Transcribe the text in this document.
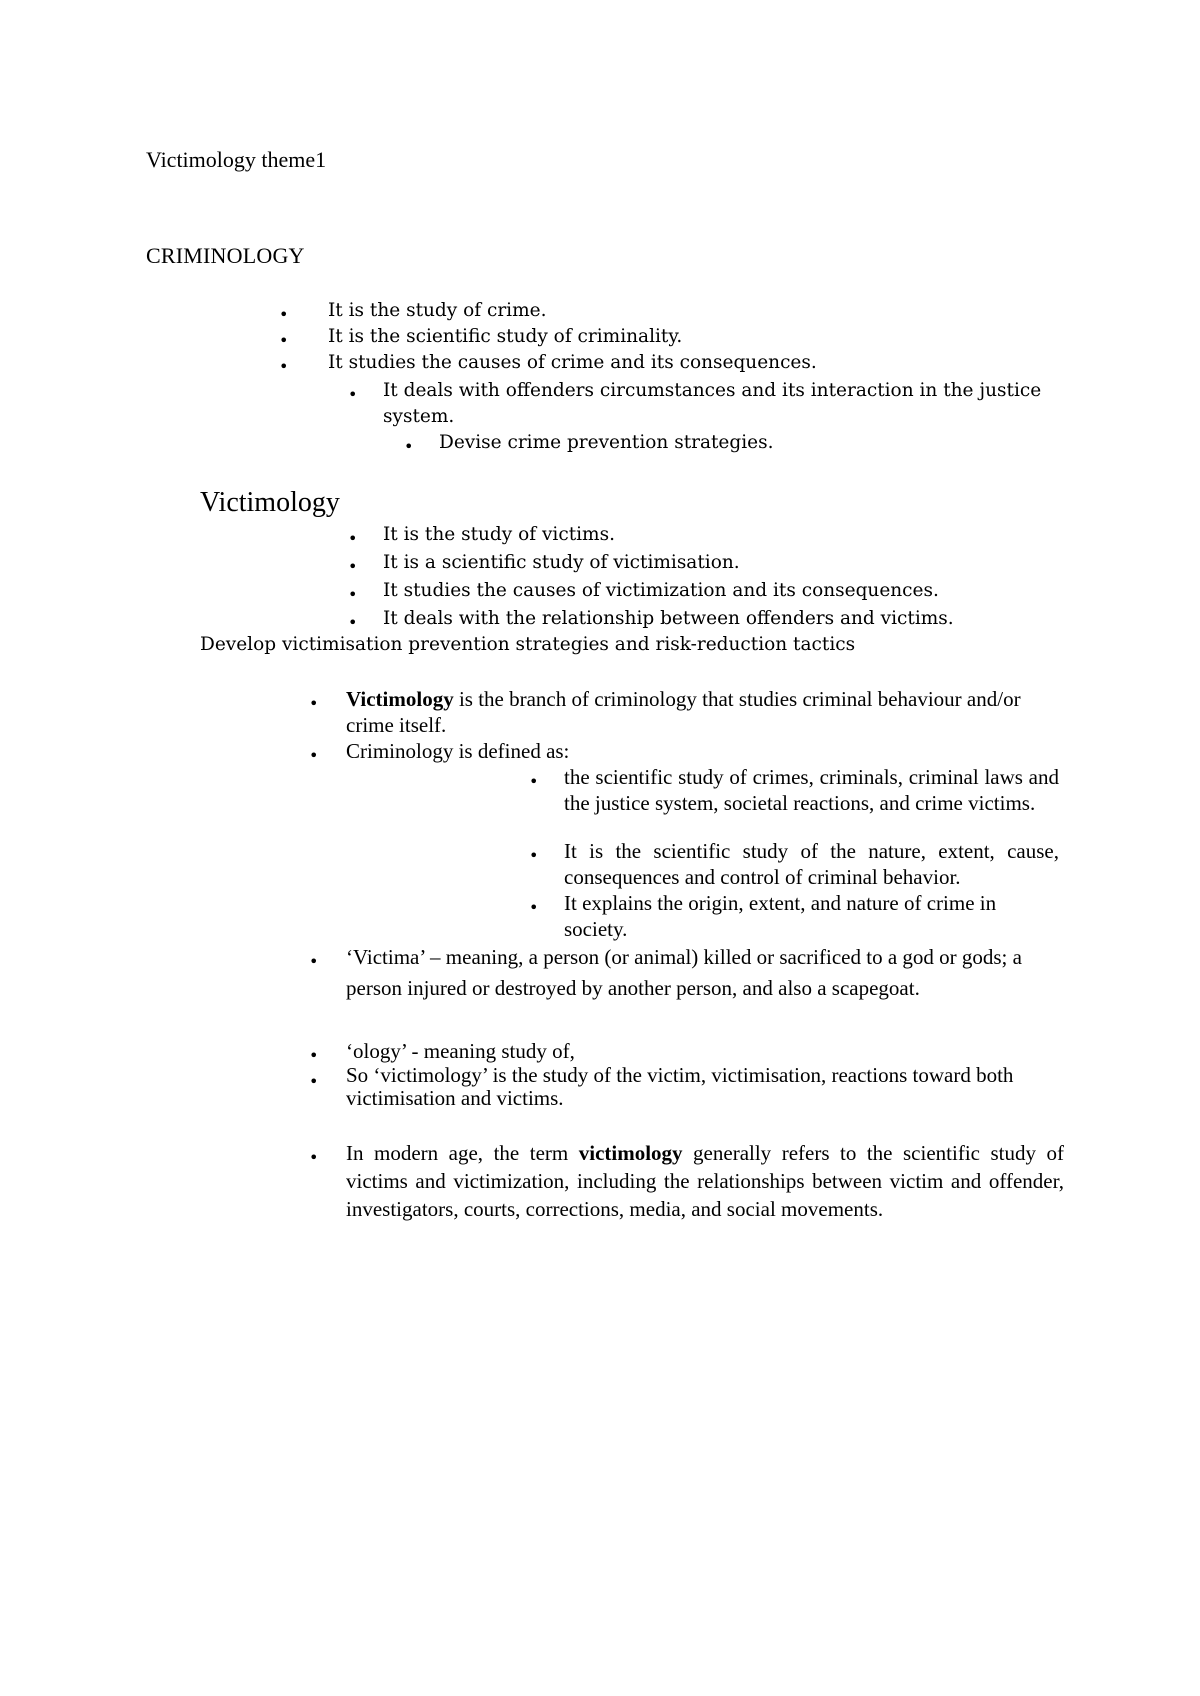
Victimology theme1
CRIMINOLOGY
• It is the study of crime.
• It is the scientific study of criminality.
• It studies the causes of crime and its consequences.
• It deals with offenders circumstances and its interaction in the justice
system.
• Devise crime prevention strategies.
Victimology
• It is the study of victims.
• It is a scientific study of victimisation.
• It studies the causes of victimization and its consequences.
• It deals with the relationship between offenders and victims.
Develop victimisation prevention strategies and risk-reduction tactics
• Victimology is the branch of criminology that studies criminal behaviour and/or crime itself.
• Criminology is defined as:
• the scientific study of crimes, criminals, criminal laws and the justice system, societal reactions, and crime victims.
• It is the scientific study of the nature, extent, cause, consequences and control of criminal behavior.
• It explains the origin, extent, and nature of crime in society.
• ‘Victima’ – meaning, a person (or animal) killed or sacrificed to a god or gods; a person injured or destroyed by another person, and also a scapegoat.
• ‘ology’ - meaning study of,
• So ‘victimology’ is the study of the victim, victimisation, reactions toward both victimisation and victims.
• In modern age, the term victimology generally refers to the scientific study of victims and victimization, including the relationships between victim and offender, investigators, courts, corrections, media, and social movements.
